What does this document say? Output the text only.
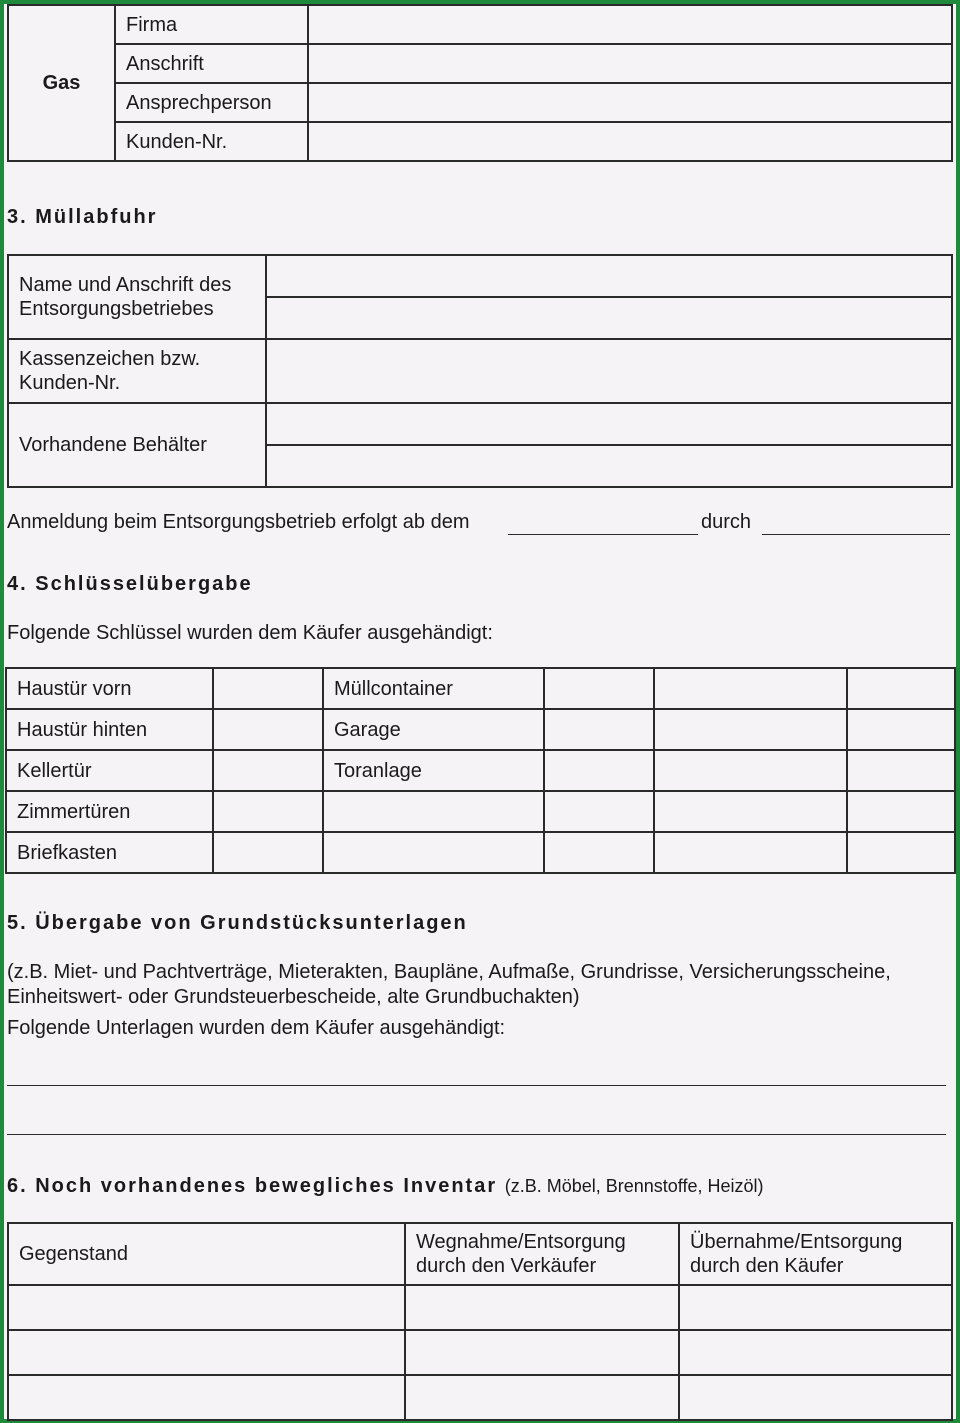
Gas	Firma	
	Anschrift	
	Ansprechperson	
	Kunden-Nr.	
3. Müllabfuhr
Name und Anschrift des Entsorgungsbetriebes	

Kassenzeichen bzw. Kunden-Nr.	
Vorhandene Behälter	

Anmeldung beim Entsorgungsbetrieb erfolgt ab dem	durch
4. Schlüsselübergabe
Folgende Schlüssel wurden dem Käufer ausgehändigt:
Haustür vorn		Müllcontainer			
Haustür hinten		Garage			
Kellertür		Toranlage			
Zimmertüren					
Briefkasten					
5. Übergabe von Grundstücksunterlagen
(z.B. Miet- und Pachtverträge, Mieterakten, Baupläne, Aufmaße, Grundrisse, Versicherungsscheine,
Einheitswert- oder Grundsteuerbescheide, alte Grundbuchakten)
Folgende Unterlagen wurden dem Käufer ausgehändigt:
6. Noch vorhandenes bewegliches Inventar (z.B. Möbel, Brennstoffe, Heizöl)
Gegenstand	Wegnahme/Entsorgung durch den Verkäufer	Übernahme/Entsorgung durch den Käufer
